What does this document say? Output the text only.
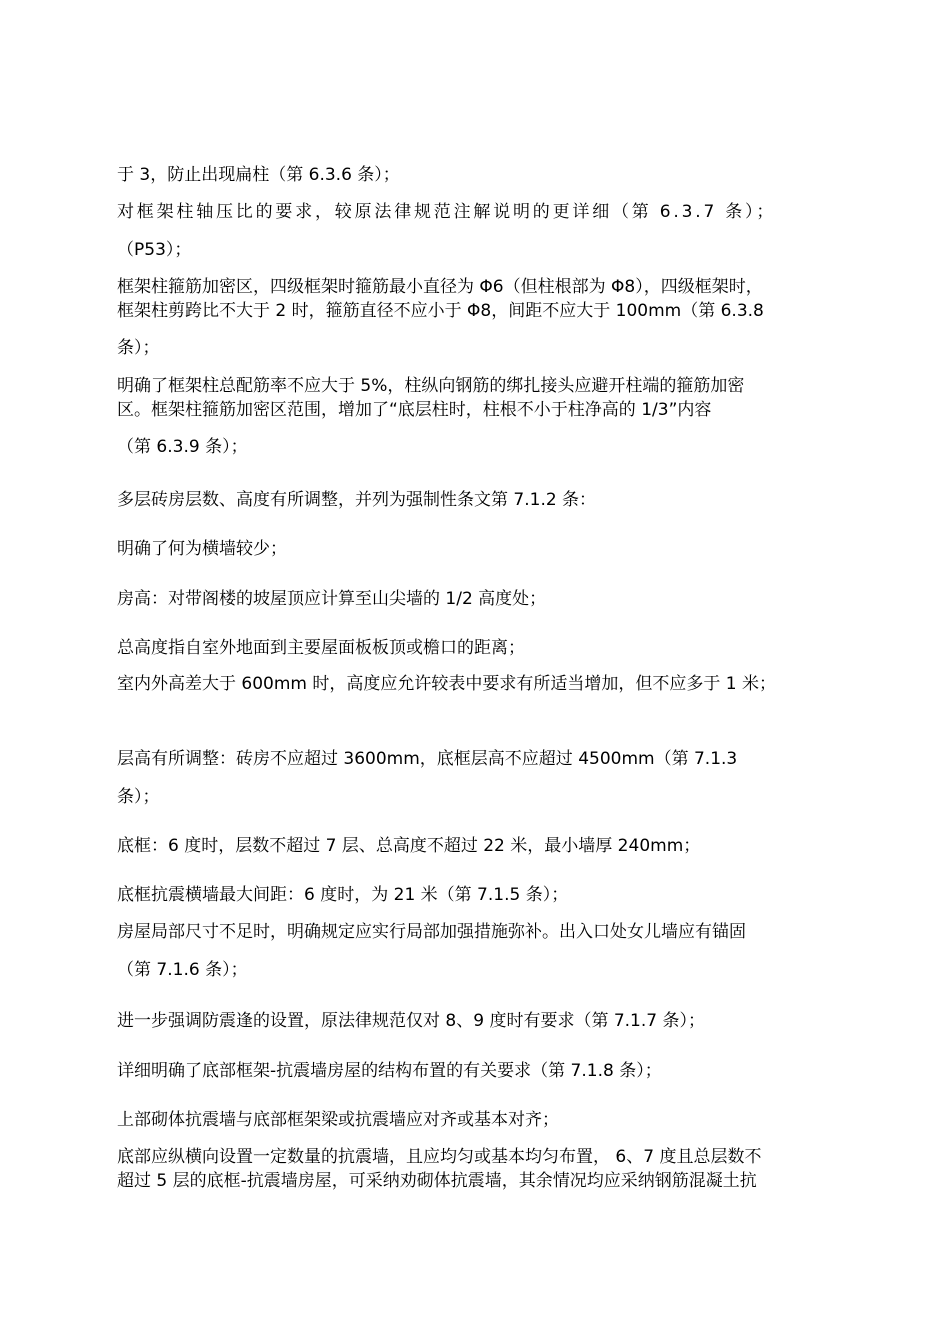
于 3，防止出现扁柱（第 6.3.6 条）；

对框架柱轴压比的要求，较原法律规范注解说明的更详细（第 6.3.7 条）；

（P53）；

框架柱箍筋加密区，四级框架时箍筋最小直径为 Φ6（但柱根部为 Φ8），四级框架时，

框架柱剪跨比不大于 2 时，箍筋直径不应小于 Φ8，间距不应大于 100mm（第 6.3.8

条）；

明确了框架柱总配筋率不应大于 5%，柱纵向钢筋的绑扎接头应避开柱端的箍筋加密

区。框架柱箍筋加密区范围，增加了“底层柱时，柱根不小于柱净高的 1/3”内容

（第 6.3.9 条）；

多层砖房层数、高度有所调整，并列为强制性条文第 7.1.2 条：

明确了何为横墙较少；

房高：对带阁楼的坡屋顶应计算至山尖墙的 1/2 高度处；

总高度指自室外地面到主要屋面板板顶或檐口的距离；

室内外高差大于 600mm 时，高度应允许较表中要求有所适当增加，但不应多于 1 米；

层高有所调整：砖房不应超过 3600mm，底框层高不应超过 4500mm（第 7.1.3

条）；

底框：6 度时，层数不超过 7 层、总高度不超过 22 米，最小墙厚 240mm；

底框抗震横墙最大间距：6 度时，为 21 米（第 7.1.5 条）；

房屋局部尺寸不足时，明确规定应实行局部加强措施弥补。出入口处女儿墙应有锚固

（第 7.1.6 条）；

进一步强调防震逢的设置，原法律规范仅对 8、9 度时有要求（第 7.1.7 条）；

详细明确了底部框架-抗震墙房屋的结构布置的有关要求（第 7.1.8 条）；

上部砌体抗震墙与底部框架梁或抗震墙应对齐或基本对齐；

底部应纵横向设置一定数量的抗震墙，且应均匀或基本均匀布置， 6、7 度且总层数不

超过 5 层的底框-抗震墙房屋，可采纳劝砌体抗震墙，其余情况均应采纳钢筋混凝土抗
